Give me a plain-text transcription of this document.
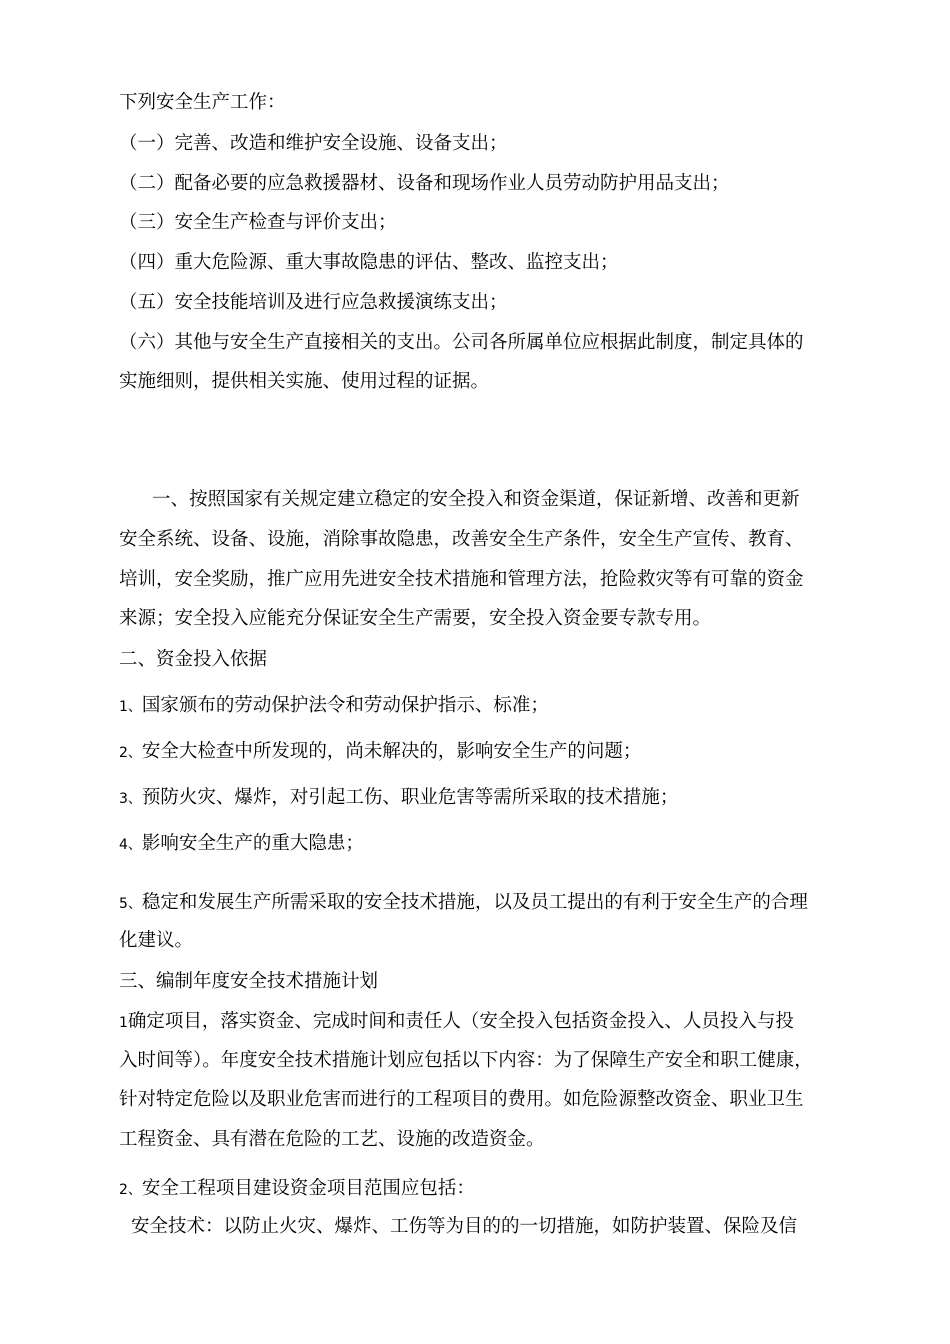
下列安全生产工作：
（一）完善、改造和维护安全设施、设备支出；
（二）配备必要的应急救援器材、设备和现场作业人员劳动防护用品支出；
（三）安全生产检查与评价支出；
（四）重大危险源、重大事故隐患的评估、整改、监控支出；
（五）安全技能培训及进行应急救援演练支出；
（六）其他与安全生产直接相关的支出。公司各所属单位应根据此制度，制定具体的
实施细则，提供相关实施、使用过程的证据。
一、按照国家有关规定建立稳定的安全投入和资金渠道，保证新增、改善和更新
安全系统、设备、设施，消除事故隐患，改善安全生产条件，安全生产宣传、教育、
培训，安全奖励，推广应用先进安全技术措施和管理方法，抢险救灾等有可靠的资金
来源；安全投入应能充分保证安全生产需要，安全投入资金要专款专用。
二、资金投入依据
1、国家颁布的劳动保护法令和劳动保护指示、标准；
2、安全大检查中所发现的，尚未解决的，影响安全生产的问题；
3、预防火灾、爆炸，对引起工伤、职业危害等需所采取的技术措施；
4、影响安全生产的重大隐患；
5、稳定和发展生产所需采取的安全技术措施，以及员工提出的有利于安全生产的合理
化建议。
三、编制年度安全技术措施计划
1确定项目，落实资金、完成时间和责任人（安全投入包括资金投入、人员投入与投
入时间等）。年度安全技术措施计划应包括以下内容：为了保障生产安全和职工健康，
针对特定危险以及职业危害而进行的工程项目的费用。如危险源整改资金、职业卫生
工程资金、具有潜在危险的工艺、设施的改造资金。
2、安全工程项目建设资金项目范围应包括：
安全技术：以防止火灾、爆炸、工伤等为目的的一切措施，如防护装置、保险及信
